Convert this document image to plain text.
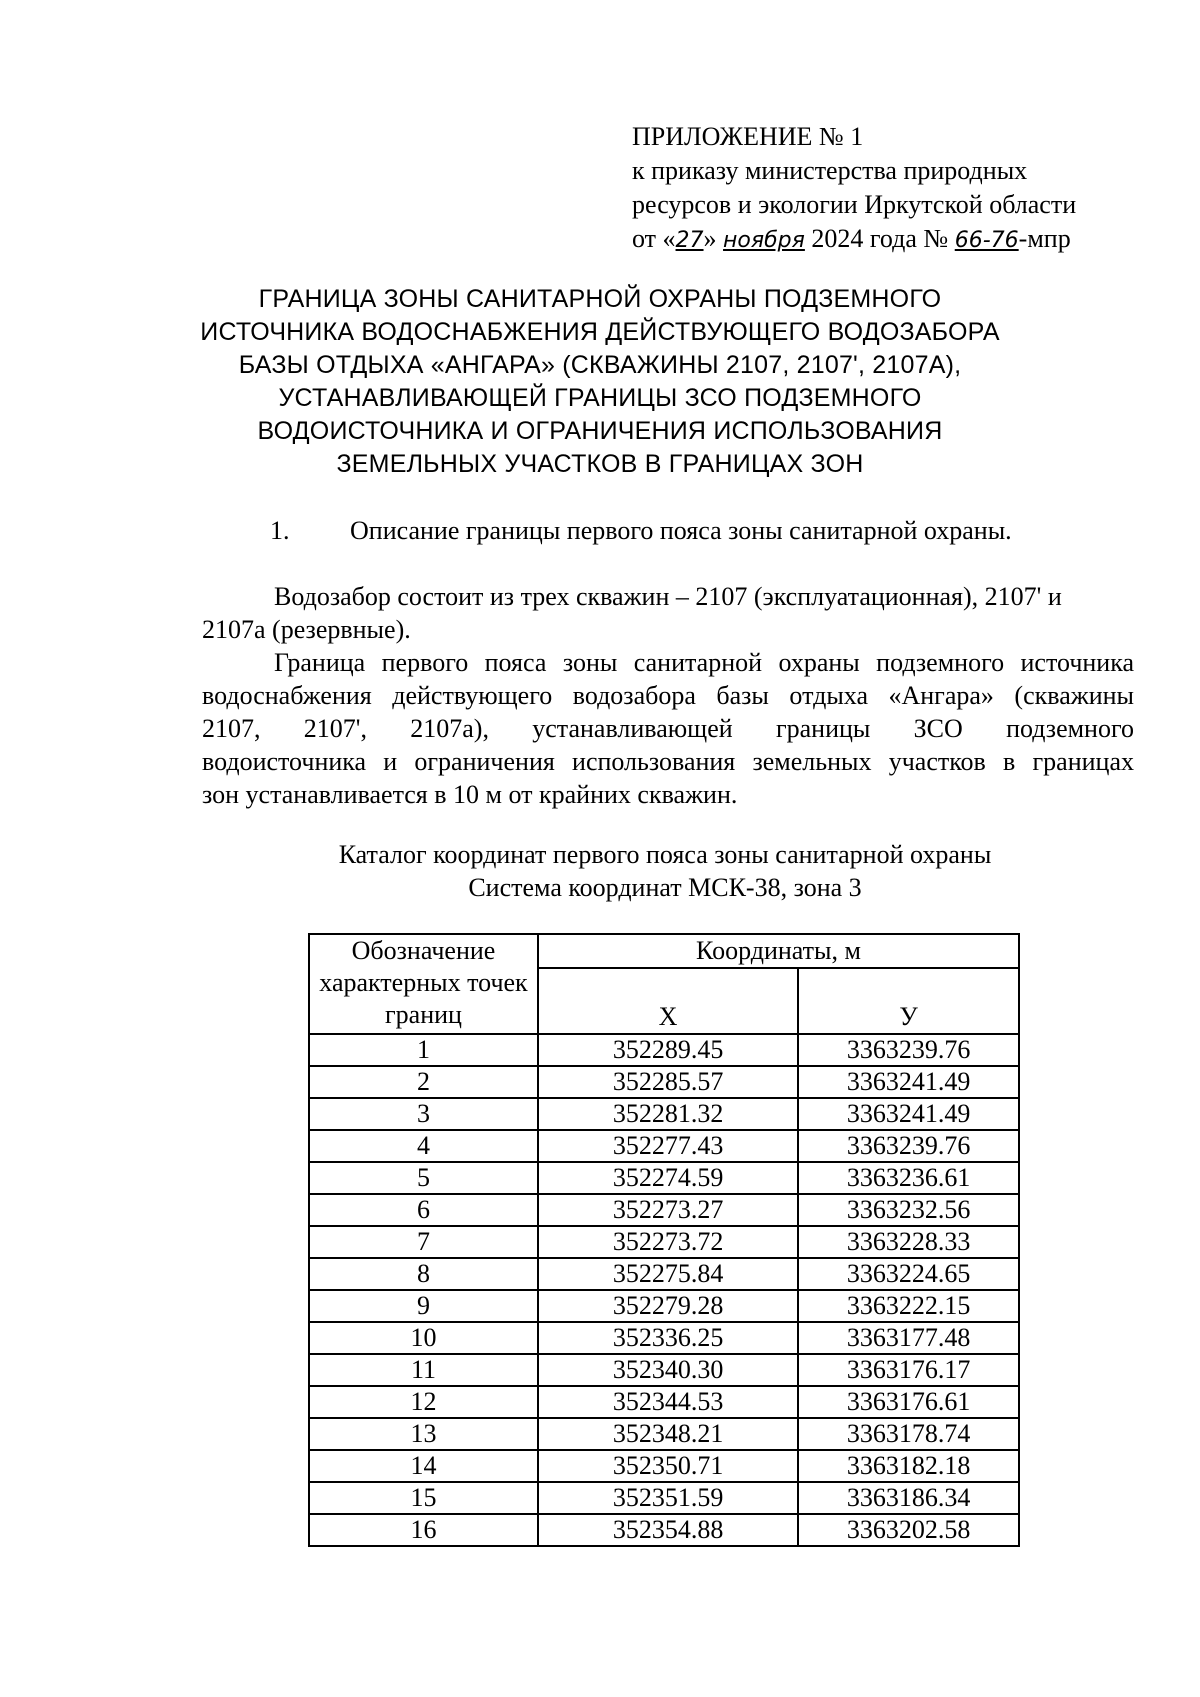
ПРИЛОЖЕНИЕ № 1
к приказу министерства природных
ресурсов и экологии Иркутской области
от «27» ноября 2024 года № 66-76-мпр
ГРАНИЦА ЗОНЫ САНИТАРНОЙ ОХРАНЫ ПОДЗЕМНОГО
ИСТОЧНИКА ВОДОСНАБЖЕНИЯ ДЕЙСТВУЮЩЕГО ВОДОЗАБОРА
БАЗЫ ОТДЫХА «АНГАРА» (СКВАЖИНЫ 2107, 2107', 2107А),
УСТАНАВЛИВАЮЩЕЙ ГРАНИЦЫ ЗСО ПОДЗЕМНОГО
ВОДОИСТОЧНИКА И ОГРАНИЧЕНИЯ ИСПОЛЬЗОВАНИЯ
ЗЕМЕЛЬНЫХ УЧАСТКОВ В ГРАНИЦАХ ЗОН
1. Описание границы первого пояса зоны санитарной охраны.
Водозабор состоит из трех скважин – 2107 (эксплуатационная), 2107' и
2107а (резервные).
Граница первого пояса зоны санитарной охраны подземного источника
водоснабжения действующего водозабора базы отдыха «Ангара» (скважины
2107, 2107', 2107а), устанавливающей границы ЗСО подземного
водоисточника и ограничения использования земельных участков в границах
зон устанавливается в 10 м от крайних скважин.
Каталог координат первого пояса зоны санитарной охраны
Система координат МСК-38, зона 3
Обозначение характерных точек границ	Координаты, м	
	X	У
1	352289.45	3363239.76
2	352285.57	3363241.49
3	352281.32	3363241.49
4	352277.43	3363239.76
5	352274.59	3363236.61
6	352273.27	3363232.56
7	352273.72	3363228.33
8	352275.84	3363224.65
9	352279.28	3363222.15
10	352336.25	3363177.48
11	352340.30	3363176.17
12	352344.53	3363176.61
13	352348.21	3363178.74
14	352350.71	3363182.18
15	352351.59	3363186.34
16	352354.88	3363202.58
